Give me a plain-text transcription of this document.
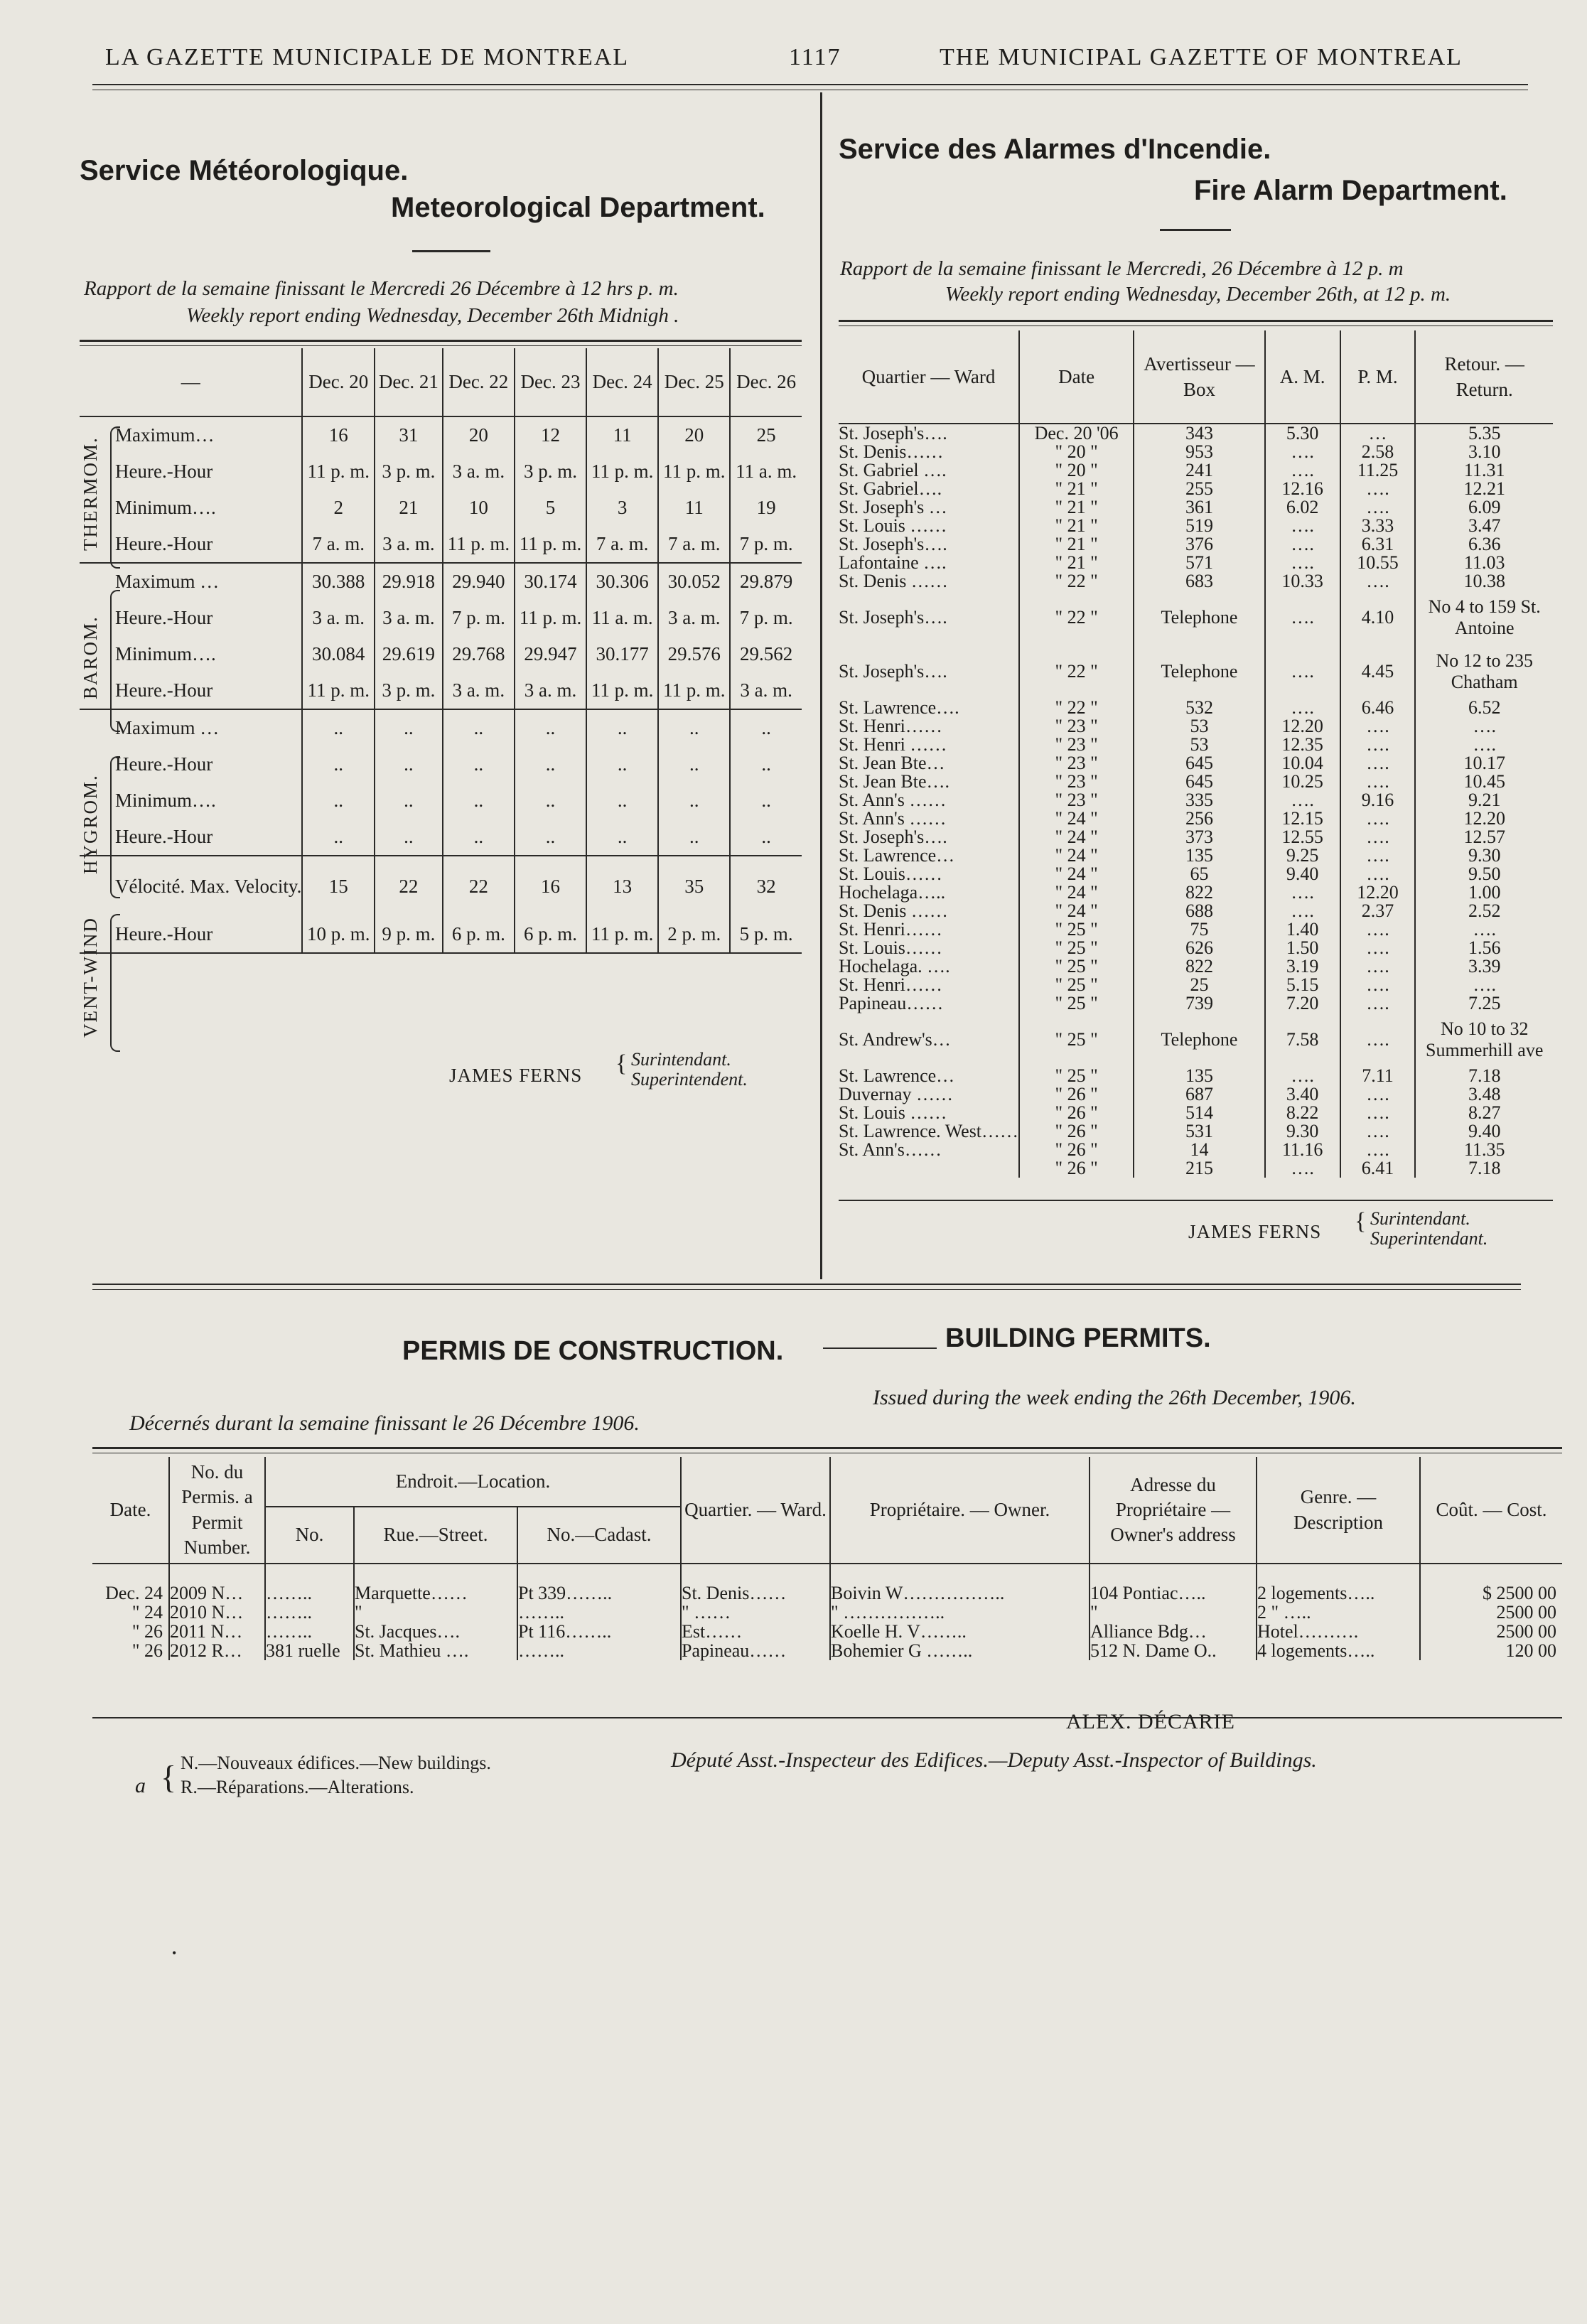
LA GAZETTE MUNICIPALE DE MONTREAL	1117	THE MUNICIPAL GAZETTE OF MONTREAL
Service Météorologique.
Meteorological Department.
Rapport de la semaine finissant le Mercredi 26 Décembre à 12 hrs p. m.
Weekly report ending Wednesday, December 26th Midnigh .
THERMOM.
BAROM.
HYGROM.
VENT-WIND
—	Dec. 20	Dec. 21	Dec. 22	Dec. 23	Dec. 24	Dec. 25	Dec. 26
Maximum…	16	31	20	12	11	20	25
Heure.-Hour	11 p. m.	3 p. m.	3 a. m.	3 p. m.	11 p. m.	11 p. m.	11 a. m.
Minimum….	2	21	10	5	3	11	19
Heure.-Hour	7 a. m.	3 a. m.	11 p. m.	11 p. m.	7 a. m.	7 a. m.	7 p. m.
Maximum …	30.388	29.918	29.940	30.174	30.306	30.052	29.879
Heure.-Hour	3 a. m.	3 a. m.	7 p. m.	11 p. m.	11 a. m.	3 a. m.	7 p. m.
Minimum….	30.084	29.619	29.768	29.947	30.177	29.576	29.562
Heure.-Hour	11 p. m.	3 p. m.	3 a. m.	3 a. m.	11 p. m.	11 p. m.	3 a. m.
Maximum …	..	..	..	..	..	..	..
Heure.-Hour	..	..	..	..	..	..	..
Minimum….	..	..	..	..	..	..	..
Heure.-Hour	..	..	..	..	..	..	..
Vélocité. Max. Velocity.	15	22	22	16	13	35	32
Heure.-Hour	10 p. m.	9 p. m.	6 p. m.	6 p. m.	11 p. m.	2 p. m.	5 p. m.
JAMES FERNS { Surintendant.
Superintendent.
Service des Alarmes d'Incendie.
Fire Alarm Department.
Rapport de la semaine finissant le Mercredi, 26 Décembre à 12 p. m
Weekly report ending Wednesday, December 26th, at 12 p. m.
Quartier — Ward	Date	Avertisseur — Box	A. M.	P. M.	Retour. — Return.
St. Joseph's….	Dec. 20 '06	343	5.30	…	5.35
St. Denis……	" 20 "	953	….	2.58	3.10
St. Gabriel ….	" 20 "	241	….	11.25	11.31
St. Gabriel….	" 21 "	255	12.16	….	12.21
St. Joseph's …	" 21 "	361	6.02	….	6.09
St. Louis ……	" 21 "	519	….	3.33	3.47
St. Joseph's….	" 21 "	376	….	6.31	6.36
Lafontaine ….	" 21 "	571	….	10.55	11.03
St. Denis ……	" 22 "	683	10.33	….	10.38
St. Joseph's….	" 22 "	Telephone	….	4.10	No 4 to 159 St. Antoine
St. Joseph's….	" 22 "	Telephone	….	4.45	No 12 to 235 Chatham
St. Lawrence….	" 22 "	532	….	6.46	6.52
St. Henri……	" 23 "	53	12.20	….	….
St. Henri ……	" 23 "	53	12.35	….	….
St. Jean Bte…	" 23 "	645	10.04	….	10.17
St. Jean Bte….	" 23 "	645	10.25	….	10.45
St. Ann's ……	" 23 "	335	….	9.16	9.21
St. Ann's ……	" 24 "	256	12.15	….	12.20
St. Joseph's….	" 24 "	373	12.55	….	12.57
St. Lawrence…	" 24 "	135	9.25	….	9.30
St. Louis……	" 24 "	65	9.40	….	9.50
Hochelaga…..	" 24 "	822	….	12.20	1.00
St. Denis ……	" 24 "	688	….	2.37	2.52
St. Henri……	" 25 "	75	1.40	….	….
St. Louis……	" 25 "	626	1.50	….	1.56
Hochelaga. ….	" 25 "	822	3.19	….	3.39
St. Henri……	" 25 "	25	5.15	….	….
Papineau……	" 25 "	739	7.20	….	7.25
St. Andrew's…	" 25 "	Telephone	7.58	….	No 10 to 32 Summerhill ave
St. Lawrence…	" 25 "	135	….	7.11	7.18
Duvernay ……	" 26 "	687	3.40	….	3.48
St. Louis ……	" 26 "	514	8.22	….	8.27
St. Lawrence. West……	" 26 "	531	9.30	….	9.40
St. Ann's……	" 26 "	14	11.16	….	11.35
	" 26 "	215	….	6.41	7.18
JAMES FERNS { Surintendant.
Superintendant.
PERMIS DE CONSTRUCTION.	BUILDING PERMITS.
Décernés durant la semaine finissant le 26 Décembre 1906.
Issued during the week ending the 26th December, 1906.
Date.	No. du Permis. a Permit Number.	Endroit.—Location.			Quartier. — Ward.	Propriétaire. — Owner.	Adresse du Propriétaire — Owner's address	Genre. — Description	Coût. — Cost.
		No.	Rue.—Street.	No.—Cadast.					

Dec. 24	2009 N…	……..	Marquette……	Pt 339……..	St. Denis……	Boivin W……………..	104 Pontiac…..	2 logements…..	$ 2500 00
" 24	2010 N…	……..	"	……..	" ……	" ……………..	"	2 " …..	2500 00
" 26	2011 N…	……..	St. Jacques….	Pt 116……..	Est……	Koelle H. V……..	Alliance Bdg…	Hotel……….	2500 00
" 26	2012 R…	381 ruelle	St. Mathieu ….	……..	Papineau……	Bohemier G ……..	512 N. Dame O..	4 logements…..	120 00
ALEX. DÉCARIE
Député Asst.-Inspecteur des Edifices.—Deputy Asst.-Inspector of Buildings.
a { N.—Nouveaux édifices.—New buildings.
R.—Réparations.—Alterations.
•
